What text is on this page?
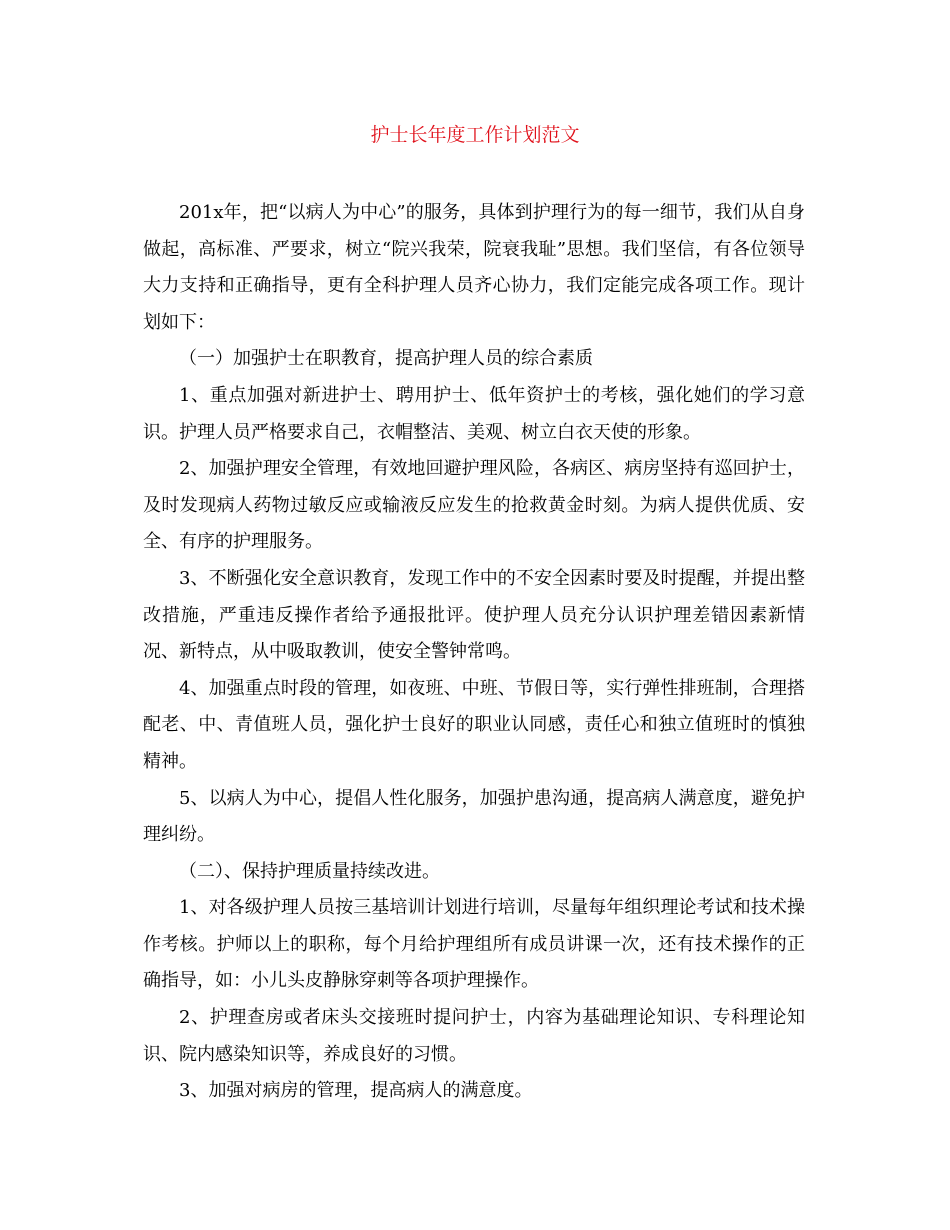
护士长年度工作计划范文

201x年，把“以病人为中心”的服务，具体到护理行为的每一细节，我们从自身做起，高标准、严要求，树立“院兴我荣，院衰我耻”思想。我们坚信，有各位领导大力支持和正确指导，更有全科护理人员齐心协力，我们定能完成各项工作。现计划如下：

（一）加强护士在职教育，提高护理人员的综合素质

1、重点加强对新进护士、聘用护士、低年资护士的考核，强化她们的学习意识。护理人员严格要求自己，衣帽整洁、美观、树立白衣天使的形象。

2、加强护理安全管理，有效地回避护理风险，各病区、病房坚持有巡回护士，及时发现病人药物过敏反应或输液反应发生的抢救黄金时刻。为病人提供优质、安全、有序的护理服务。

3、不断强化安全意识教育，发现工作中的不安全因素时要及时提醒，并提出整改措施，严重违反操作者给予通报批评。使护理人员充分认识护理差错因素新情况、新特点，从中吸取教训，使安全警钟常鸣。

4、加强重点时段的管理，如夜班、中班、节假日等，实行弹性排班制，合理搭配老、中、青值班人员，强化护士良好的职业认同感，责任心和独立值班时的慎独精神。

5、以病人为中心，提倡人性化服务，加强护患沟通，提高病人满意度，避免护理纠纷。

（二）、保持护理质量持续改进。

1、对各级护理人员按三基培训计划进行培训，尽量每年组织理论考试和技术操作考核。护师以上的职称，每个月给护理组所有成员讲课一次，还有技术操作的正确指导，如：小儿头皮静脉穿刺等各项护理操作。

2、护理查房或者床头交接班时提问护士，内容为基础理论知识、专科理论知识、院内感染知识等，养成良好的习惯。

3、加强对病房的管理，提高病人的满意度。
